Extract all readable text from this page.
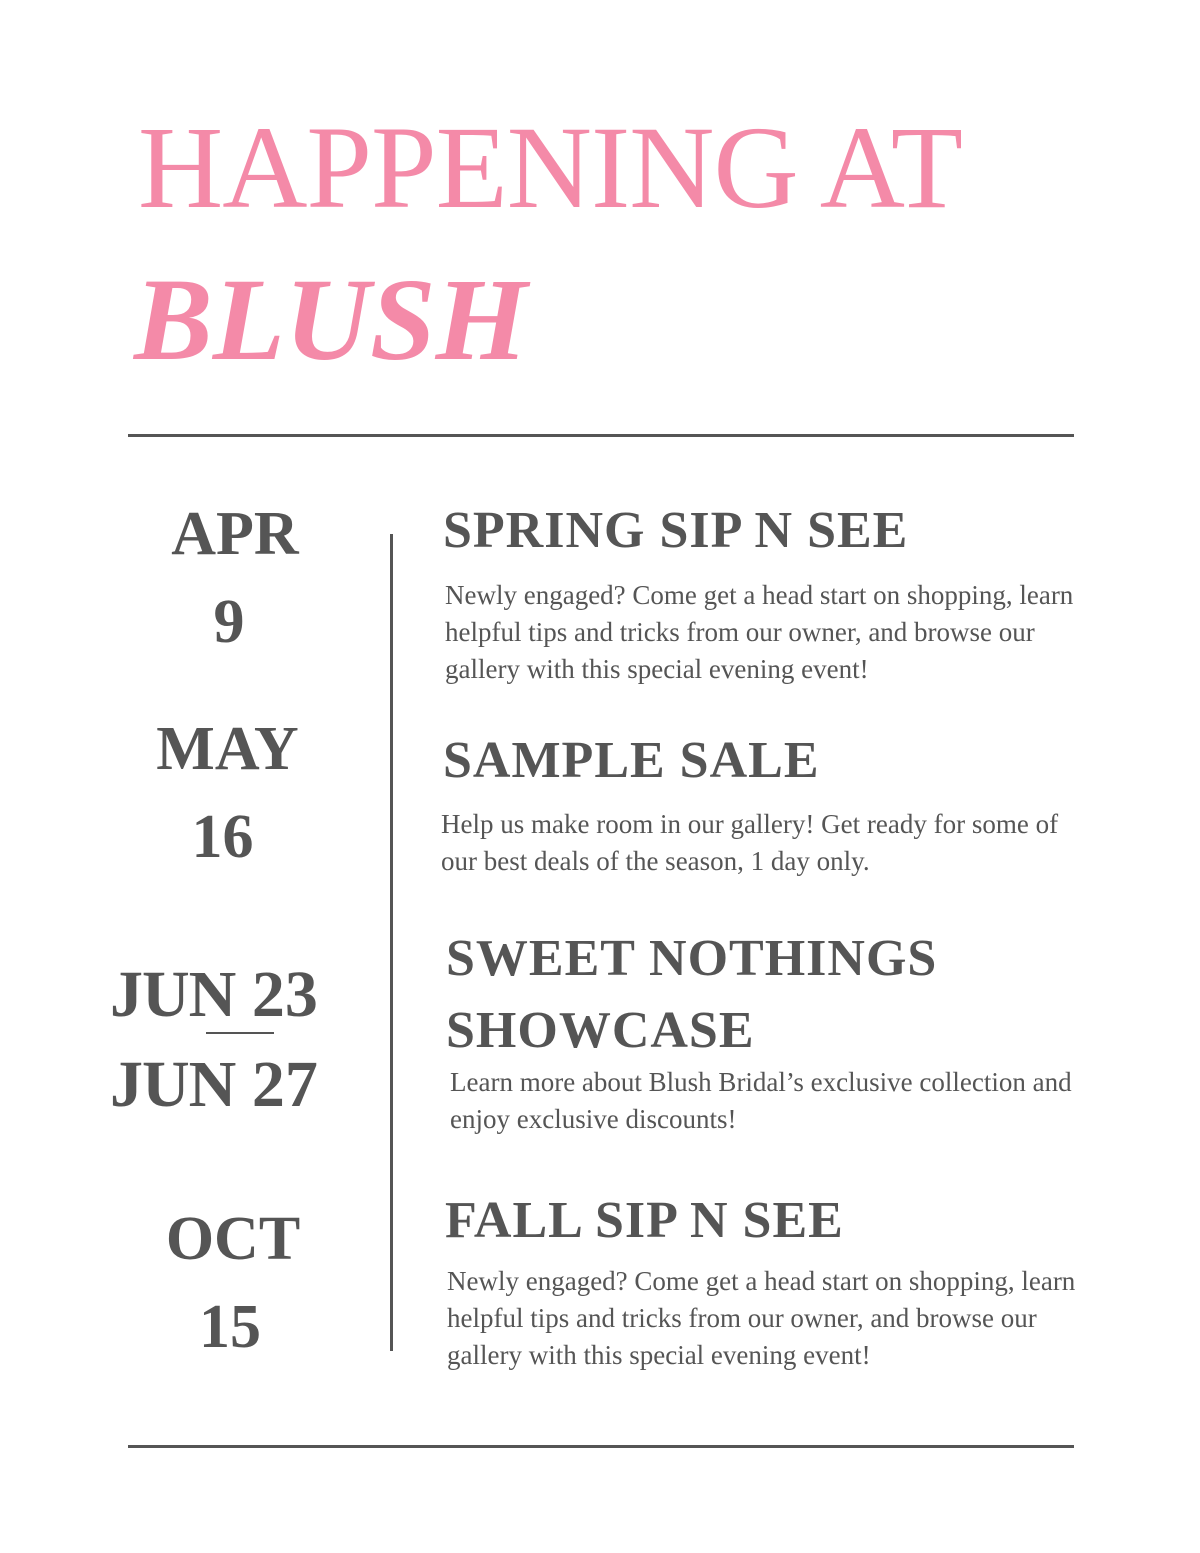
HAPPENING AT
BLUSH
APR
9
SPRING SIP N SEE
Newly engaged? Come get a head start on shopping, learn helpful tips and tricks from our owner, and browse our gallery with this special evening event!
MAY
16
SAMPLE SALE
Help us make room in our gallery! Get ready for some of our best deals of the season, 1 day only.
JUN 23
JUN 27
SWEET NOTHINGS
SHOWCASE
Learn more about Blush Bridal’s exclusive collection and enjoy exclusive discounts!
OCT
15
FALL SIP N SEE
Newly engaged? Come get a head start on shopping, learn helpful tips and tricks from our owner, and browse our gallery with this special evening event!
